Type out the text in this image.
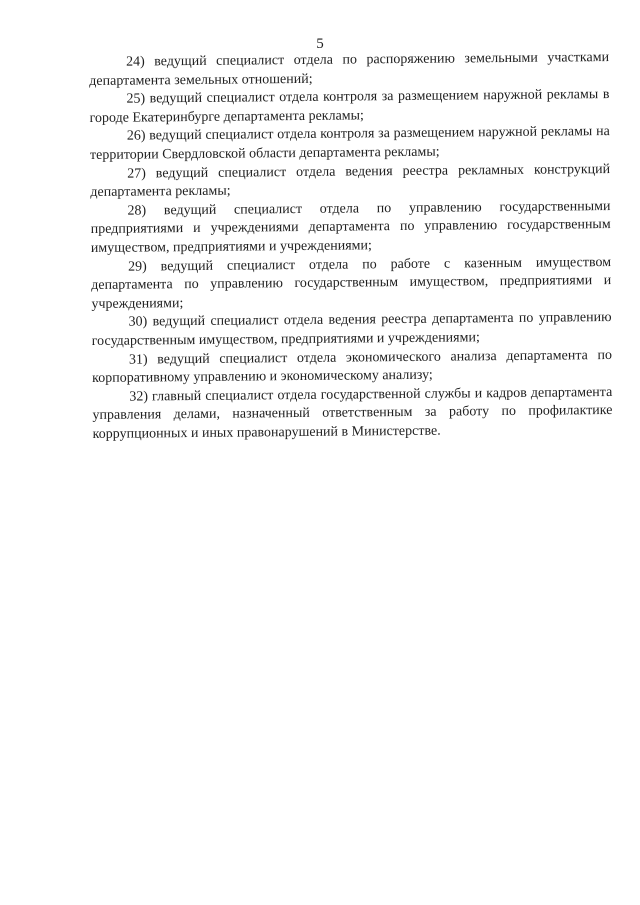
5

24) ведущий специалист отдела по распоряжению земельными участками департамента земельных отношений;

25) ведущий специалист отдела контроля за размещением наружной рекламы в городе Екатеринбурге департамента рекламы;

26) ведущий специалист отдела контроля за размещением наружной рекламы на территории Свердловской области департамента рекламы;

27) ведущий специалист отдела ведения реестра рекламных конструкций департамента рекламы;

28) ведущий специалист отдела по управлению государственными предприятиями и учреждениями департамента по управлению государственным имуществом, предприятиями и учреждениями;

29) ведущий специалист отдела по работе с казенным имуществом департамента по управлению государственным имуществом, предприятиями и учреждениями;

30) ведущий специалист отдела ведения реестра департамента по управлению государственным имуществом, предприятиями и учреждениями;

31) ведущий специалист отдела экономического анализа департамента по корпоративному управлению и экономическому анализу;

32) главный специалист отдела государственной службы и кадров департамента управления делами, назначенный ответственным за работу по профилактике коррупционных и иных правонарушений в Министерстве.
